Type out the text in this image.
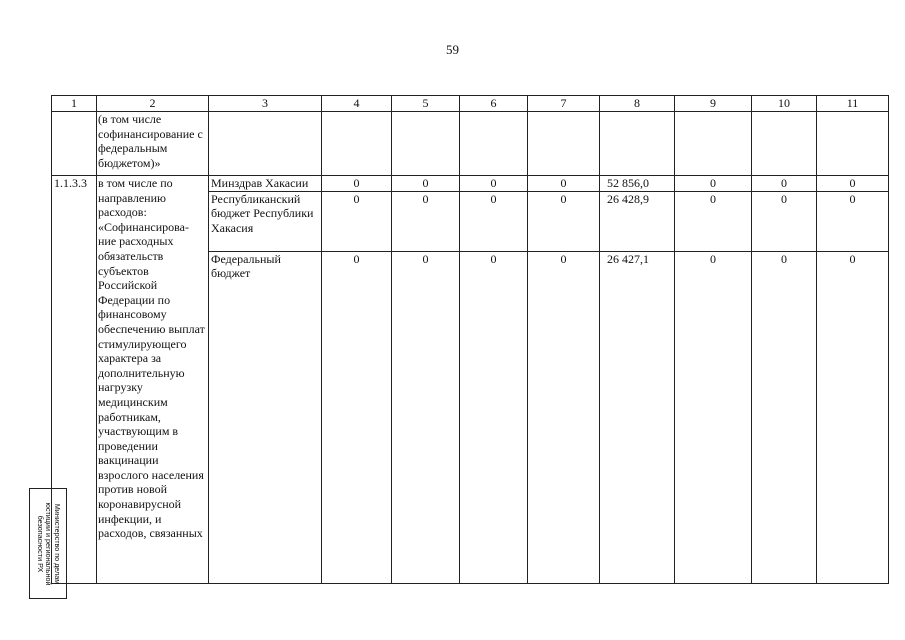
59
1	2	3	4	5	6	7	8	9	10	11
	(в том числе софинансирование с федеральным бюджетом)»									
1.1.3.3	в том числе по направлению расходов: «Софинансирова-ние расходных обязательств субъектов Российской Федерации по финансовому обеспечению выплат стимулирующего характера за дополнительную нагрузку медицинским работникам, участвующим в проведении вакцинации взрослого населения против новой коронавирусной инфекции, и расходов, связанных	Минздрав Хакасии	0	0	0	0	52 856,0	0	0	0
		Республиканский бюджет Республики Хакасия	0	0	0	0	26 428,9	0	0	0
		Федеральный бюджет	0	0	0	0	26 427,1	0	0	0
Министерство по делам
юстиции и региональной
безопасности РХ
